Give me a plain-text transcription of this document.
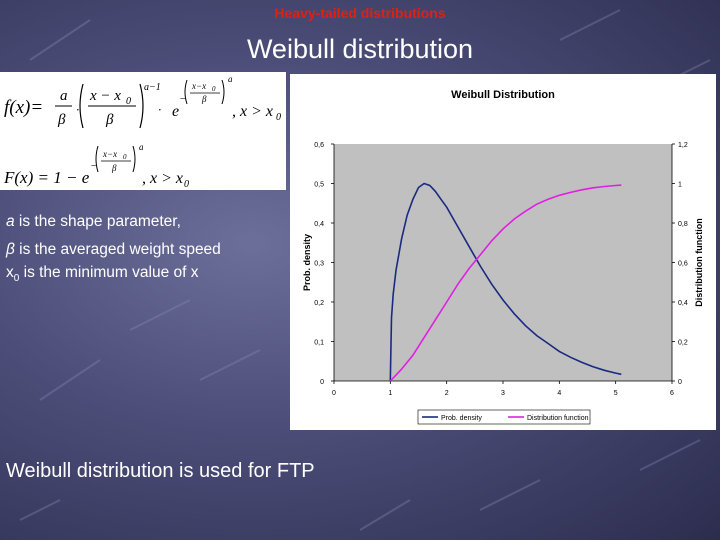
Heavy-tailed distributions
Weibull distribution
f(x)=
a
β
·
x − x 0
β
a−1
· e
−
x−x 0
β
a
, x > x 0
F(x) = 1 − e
−
x−x 0
β
a
, x > x 0
a is the shape parameter,
β is the averaged weight speed
$x_0$ is the minimum value of x
Weibull Distribution
0	1	2	3	4	5	6
0
0,1
0,2
0,3
0,4
0,5
0,6
0
0,2
0,4
0,6
0,8
1
1,2
Prob. density	Distribution function
Prob. density	Distribution function
Weibull distribution is used for FTP
